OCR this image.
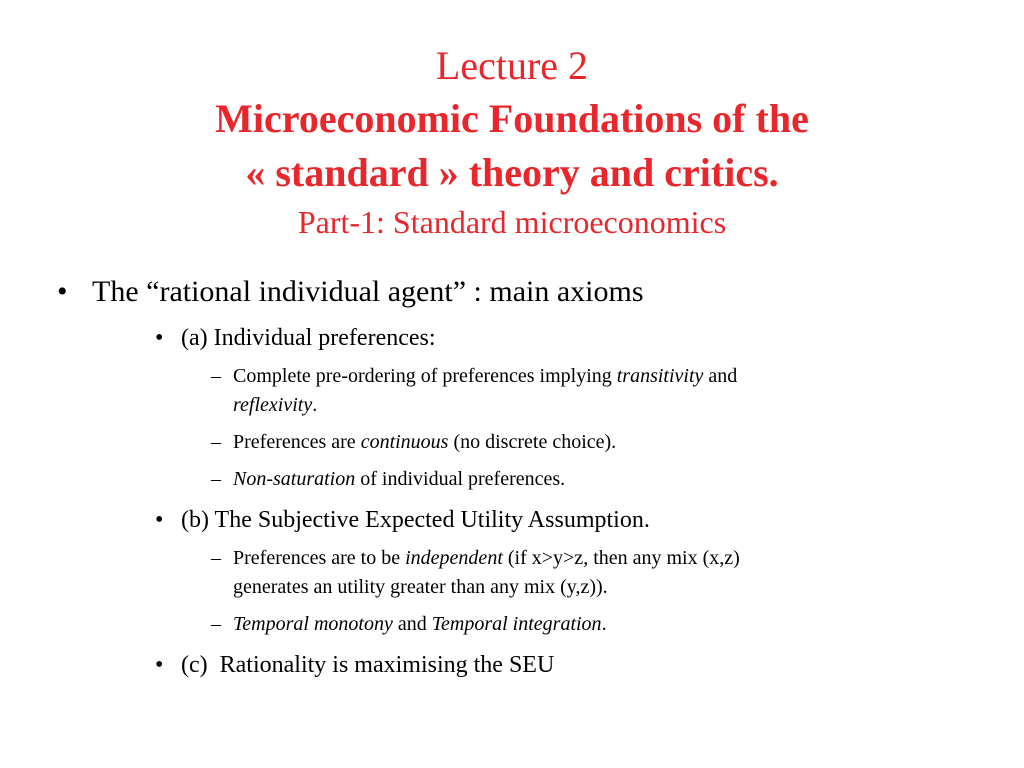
Lecture 2
Microeconomic Foundations of the
« standard » theory and critics.
Part-1: Standard microeconomics
• The “rational individual agent” : main axioms
• (a) Individual preferences:
– Complete pre-ordering of preferences implying transitivity and
reflexivity.
– Preferences are continuous (no discrete choice).
– Non-saturation of individual preferences.
• (b) The Subjective Expected Utility Assumption.
– Preferences are to be independent (if x>y>z, then any mix (x,z)
generates an utility greater than any mix (y,z)).
– Temporal monotony and Temporal integration.
• (c)  Rationality is maximising the SEU
